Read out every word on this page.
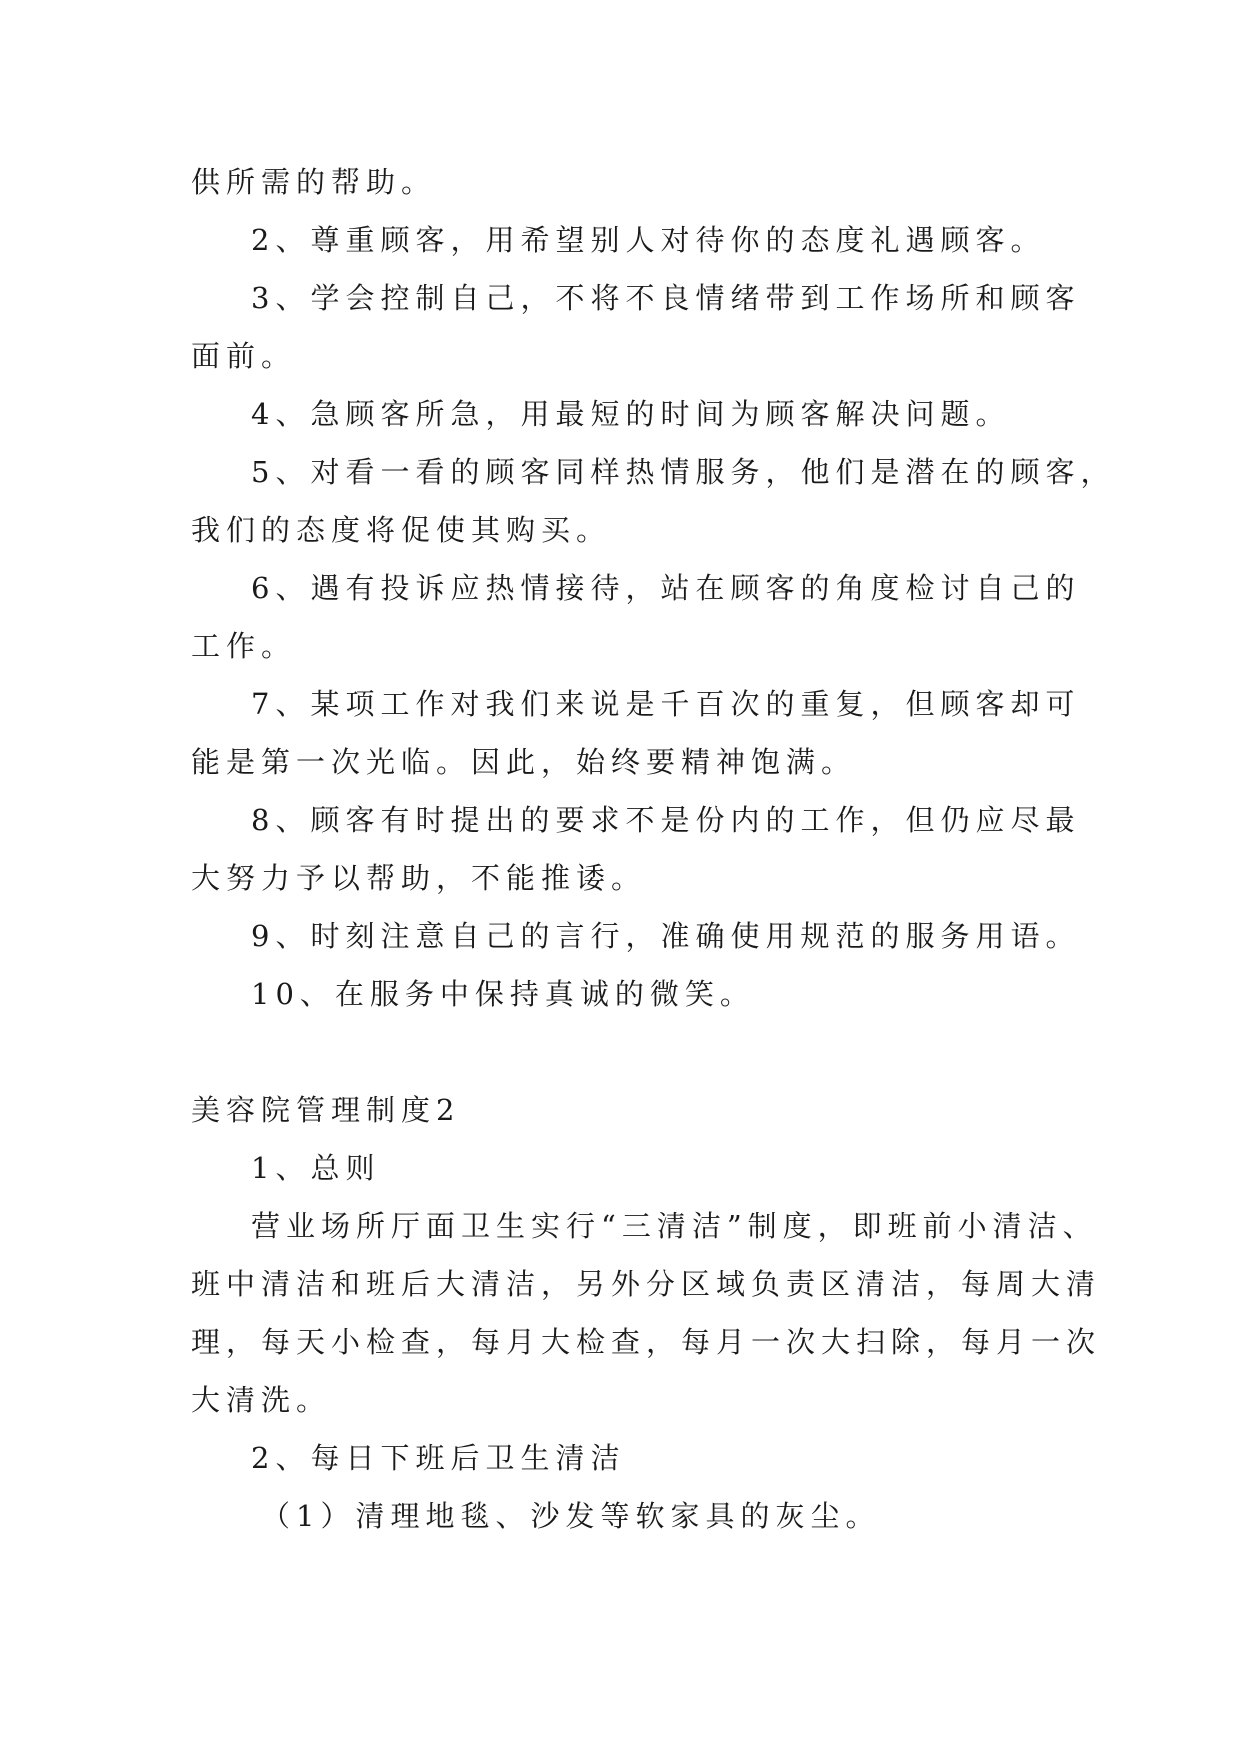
供所需的帮助。
2、尊重顾客，用希望别人对待你的态度礼遇顾客。
3、学会控制自己，不将不良情绪带到工作场所和顾客
面前。
4、急顾客所急，用最短的时间为顾客解决问题。
5、对看一看的顾客同样热情服务，他们是潜在的顾客，
我们的态度将促使其购买。
6、遇有投诉应热情接待，站在顾客的角度检讨自己的
工作。
7、某项工作对我们来说是千百次的重复，但顾客却可
能是第一次光临。因此，始终要精神饱满。
8、顾客有时提出的要求不是份内的工作，但仍应尽最
大努力予以帮助，不能推诿。
9、时刻注意自己的言行，准确使用规范的服务用语。
10、在服务中保持真诚的微笑。
美容院管理制度2
1、总则
营业场所厅面卫生实行“三清洁”制度，即班前小清洁、
班中清洁和班后大清洁，另外分区域负责区清洁，每周大清
理，每天小检查，每月大检查，每月一次大扫除，每月一次
大清洗。
2、每日下班后卫生清洁
（1）清理地毯、沙发等软家具的灰尘。
